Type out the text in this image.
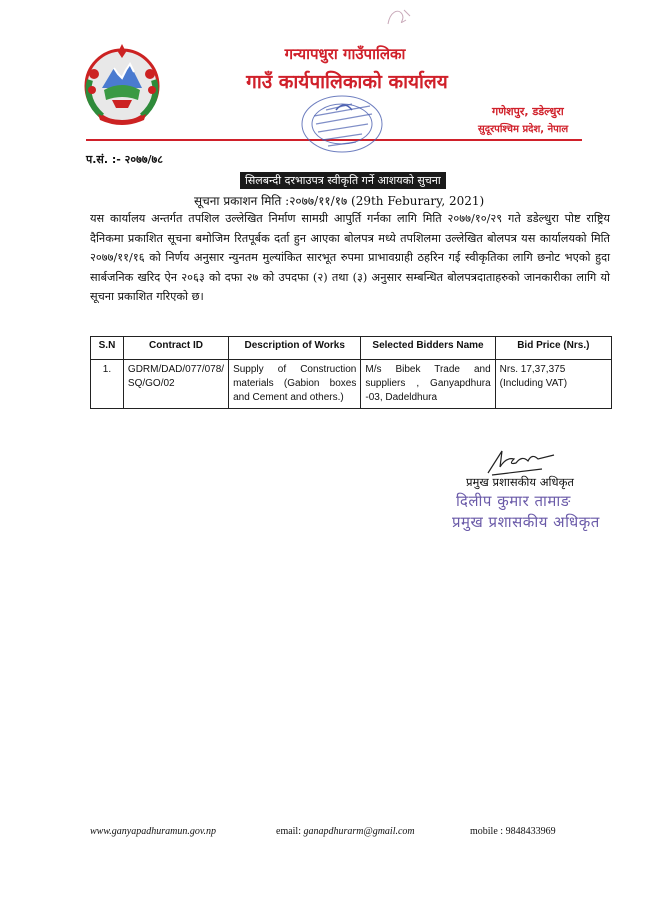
गन्यापधुरा गाउँपालिका
गाउँ कार्यपालिकाको कार्यालय
गणेशपुर, डडेल्धुरा
सुदूरपश्चिम प्रदेश, नेपाल
प.सं. :- २०७७/७८
सिलबन्दी दरभाउपत्र स्वीकृति गर्ने आशयको सुचना
सूचना प्रकाशन मिति :२०७७/११/१७ (29th Feburary, 2021)
यस कार्यालय अन्तर्गत तपशिल उल्लेखित निर्माण सामग्री आपुर्ति गर्नका लागि मिति २०७७/१०/२९ गते डडेल्धुरा पोष्ट राष्ट्रिय दैनिकमा प्रकाशित सूचना बमोजिम रितपूर्बक दर्ता हुन आएका बोलपत्र मध्ये तपशिलमा उल्लेखित बोलपत्र यस कार्यालयको मिति २०७७/११/१६ को निर्णय अनुसार न्युनतम मुल्यांकित सारभूत रुपमा प्राभावग्राही ठहरिन गई स्वीकृतिका लागि छनोट भएको हुदा सार्बजनिक खरिद ऐन २०६३ को दफा २७ को उपदफा (२) तथा (३) अनुसार सम्बन्धित बोलपत्रदाताहरुको जानकारीका लागि यो सूचना प्रकाशित गरिएको छ।
S.N	Contract ID	Description of Works	Selected Bidders Name	Bid Price (Nrs.)
1.	GDRM/DAD/077/078/ SQ/GO/02	Supply of Construction materials (Gabion boxes and Cement and others.)	M/s Bibek Trade and suppliers , Ganyapdhura -03, Dadeldhura	Nrs. 17,37,375 (Including VAT)
प्रमुख प्रशासकीय अधिकृत
दिलीप कुमार तामाङ
प्रमुख प्रशासकीय अधिकृत
www.ganyapadhuramun.gov.np	email: ganapdhurarm@gmail.com	mobile : 9848433969
